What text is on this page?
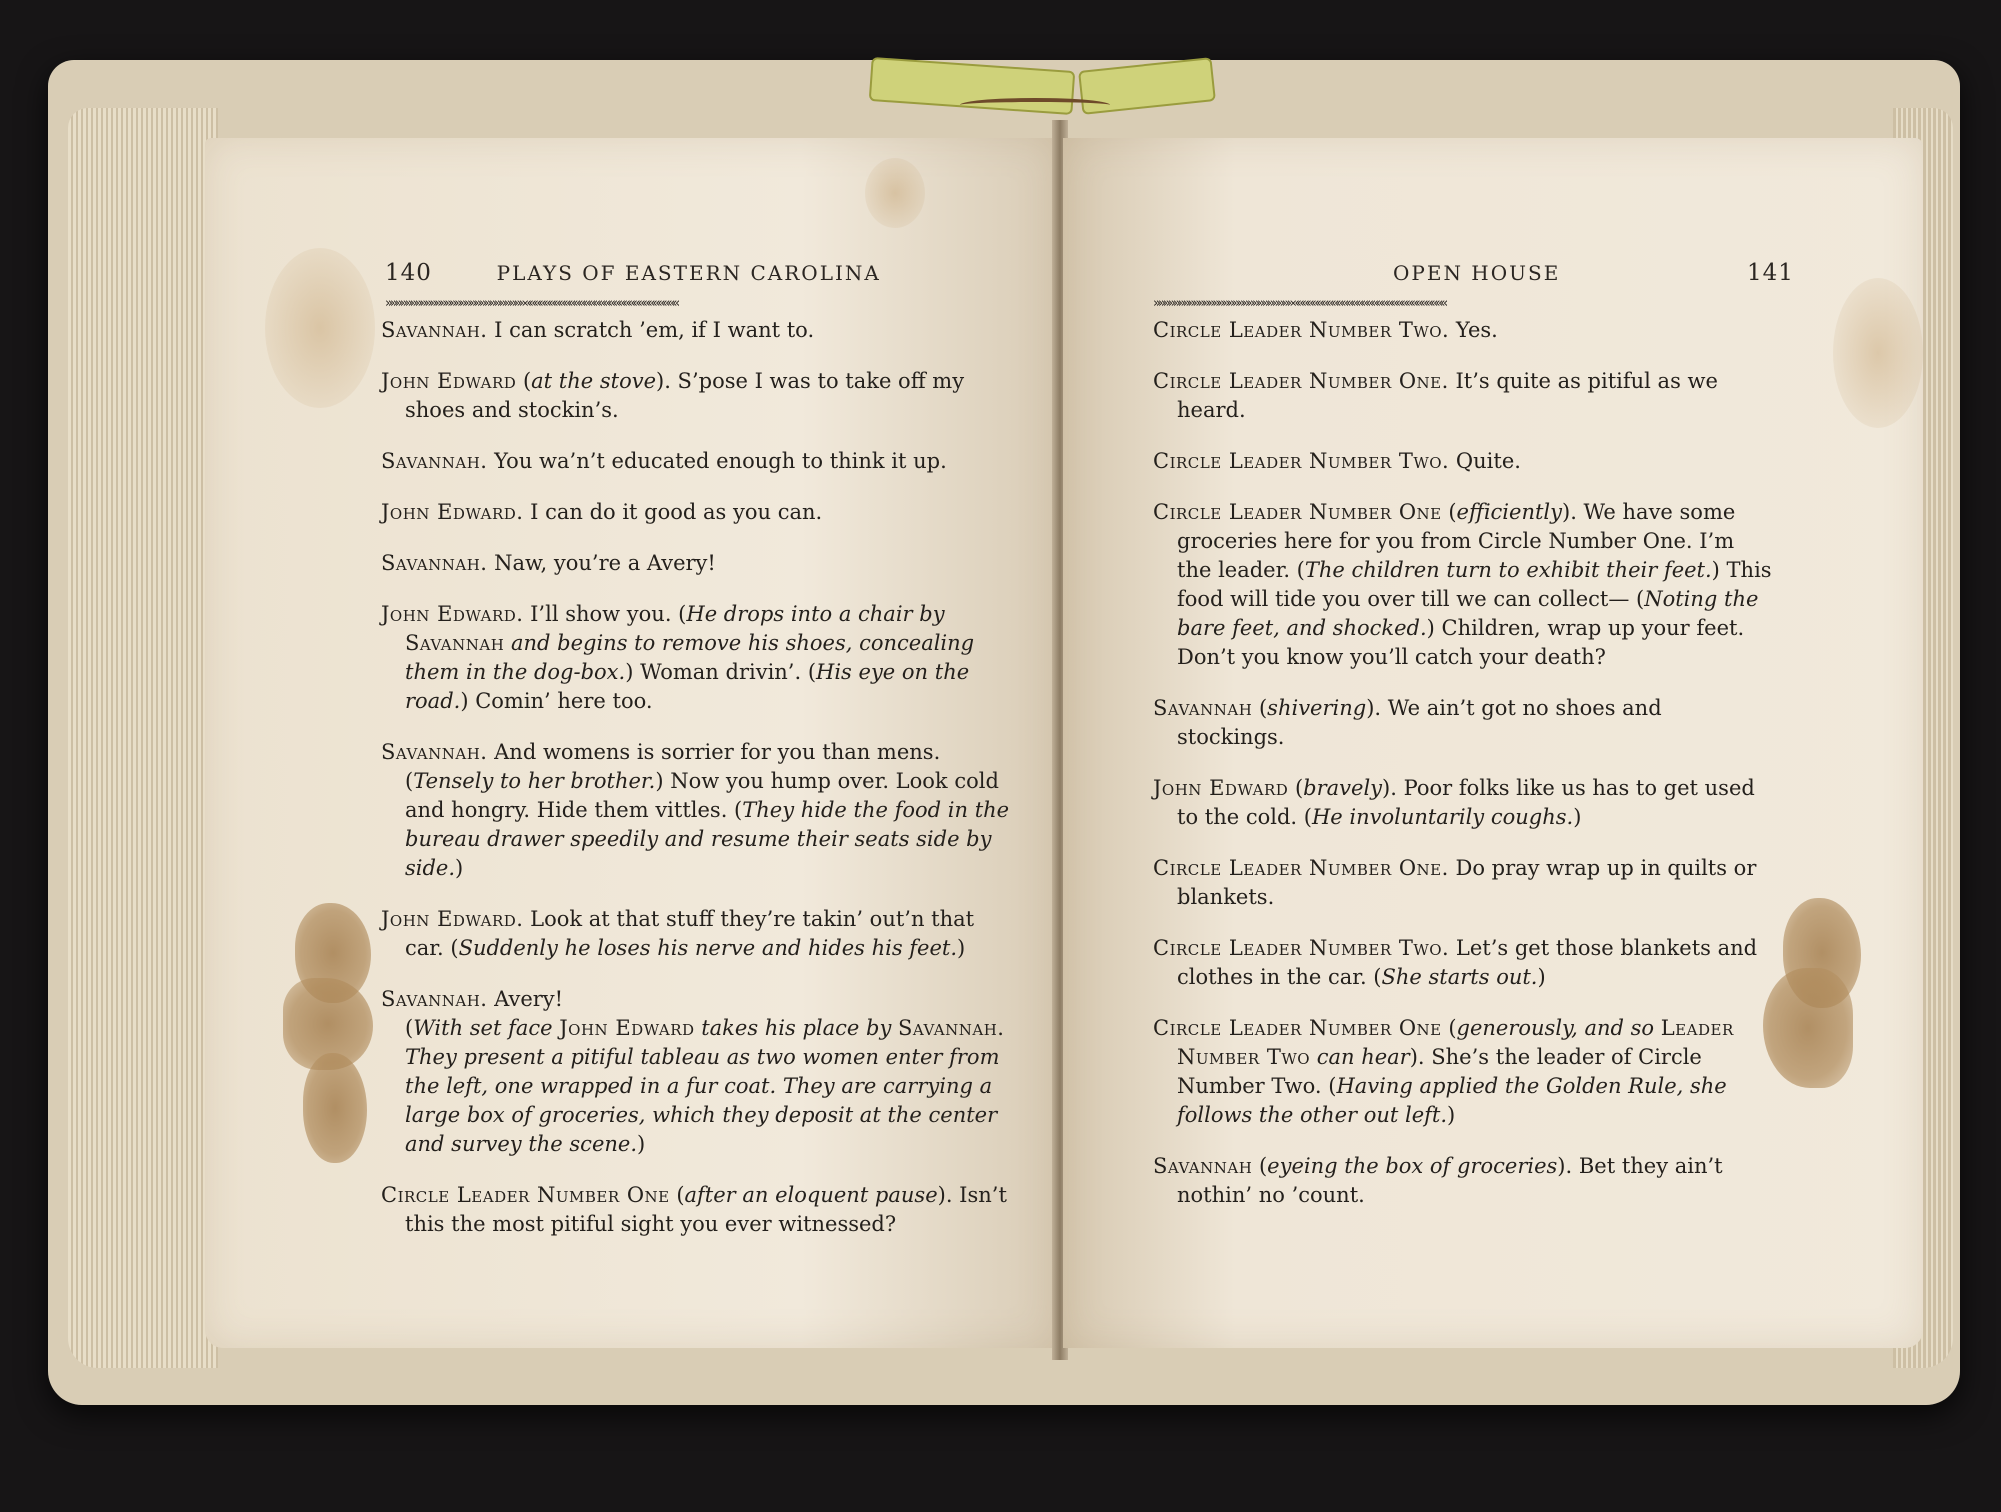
140	PLAYS OF EASTERN CAROLINA
»»»»»»»»»»»»»»»»»»»»»»»»»»»»«««««««««««««««««««««««««««««««

Savannah. I can scratch ’em, if I want to.

John Edward (at the stove). S’pose I was to take off my shoes and stockin’s.

Savannah. You wa’n’t educated enough to think it up.

John Edward. I can do it good as you can.

Savannah. Naw, you’re a Avery!

John Edward. I’ll show you. (He drops into a chair by Savannah and begins to remove his shoes, concealing them in the dog-box.) Woman drivin’. (His eye on the road.) Comin’ here too.

Savannah. And womens is sorrier for you than mens. (Tensely to her brother.) Now you hump over. Look cold and hongry. Hide them vittles. (They hide the food in the bureau drawer speedily and resume their seats side by side.)

John Edward. Look at that stuff they’re takin’ out’n that car. (Suddenly he loses his nerve and hides his feet.)

Savannah. Avery!

(With set face John Edward takes his place by Savannah. They present a pitiful tableau as two women enter from the left, one wrapped in a fur coat. They are carrying a large box of groceries, which they deposit at the center and survey the scene.)

Circle Leader Number One (after an eloquent pause). Isn’t this the most pitiful sight you ever witnessed?

OPEN HOUSE	141
»»»»»»»»»»»»»»»»»»»»»»»»»»»»«««««««««««««««««««««««««««««««

Circle Leader Number Two. Yes.

Circle Leader Number One. It’s quite as pitiful as we heard.

Circle Leader Number Two. Quite.

Circle Leader Number One (efficiently). We have some groceries here for you from Circle Number One. I’m the leader. (The children turn to exhibit their feet.) This food will tide you over till we can collect— (Noting the bare feet, and shocked.) Children, wrap up your feet. Don’t you know you’ll catch your death?

Savannah (shivering). We ain’t got no shoes and stockings.

John Edward (bravely). Poor folks like us has to get used to the cold. (He involuntarily coughs.)

Circle Leader Number One. Do pray wrap up in quilts or blankets.

Circle Leader Number Two. Let’s get those blankets and clothes in the car. (She starts out.)

Circle Leader Number One (generously, and so Leader Number Two can hear). She’s the leader of Circle Number Two. (Having applied the Golden Rule, she follows the other out left.)

Savannah (eyeing the box of groceries). Bet they ain’t nothin’ no ’count.
